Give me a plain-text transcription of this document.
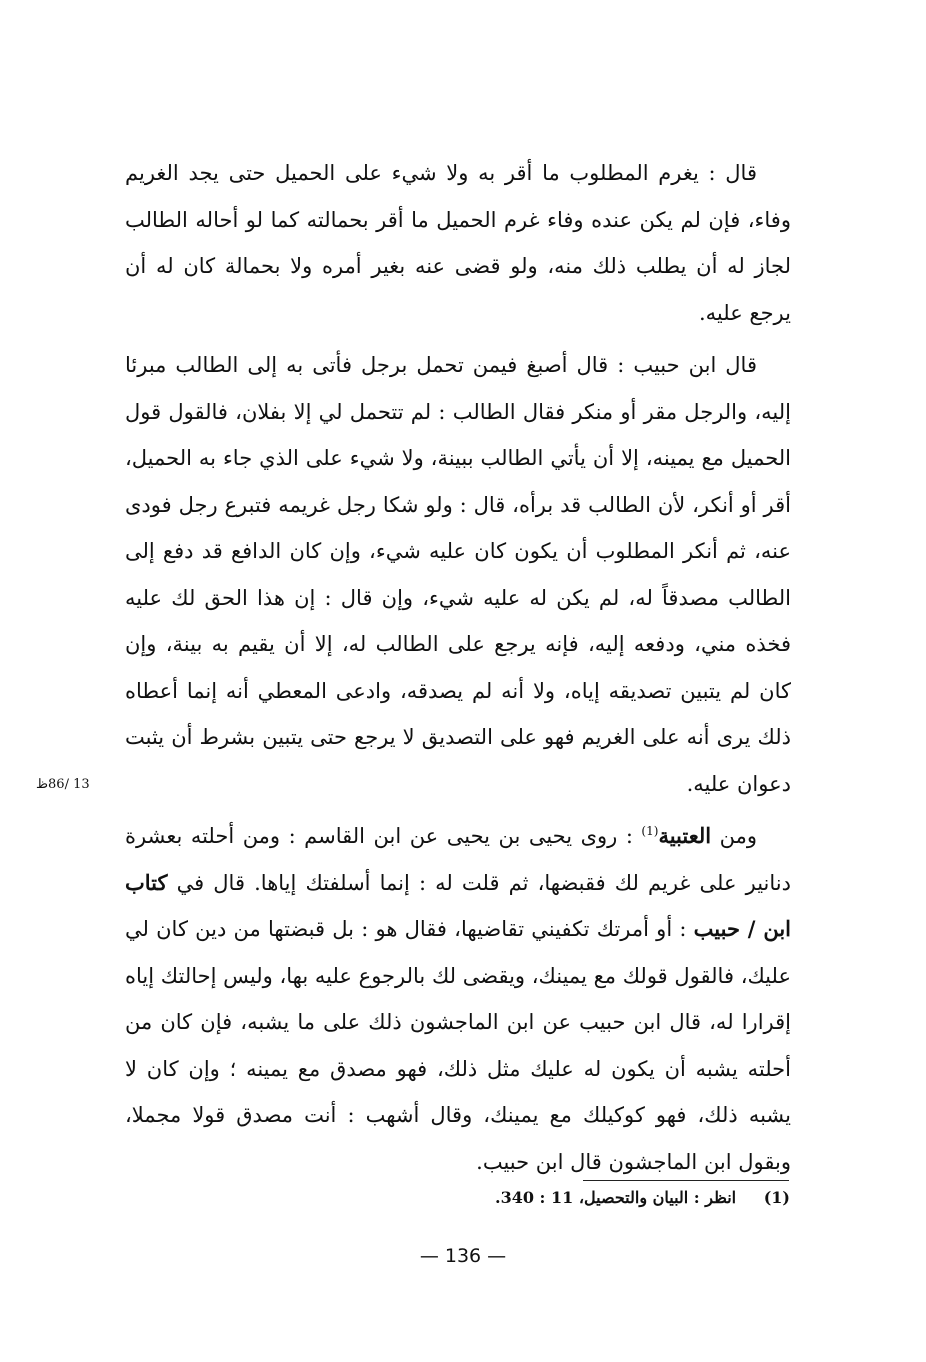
قال : يغرم المطلوب ما أقر به ولا شيء على الحميل حتى يجد الغريم وفاء، فإن لم يكن عنده وفاء غرم الحميل ما أقر بحمالته كما لو أحاله الطالب لجاز له أن يطلب ذلك منه، ولو قضى عنه بغير أمره ولا بحمالة كان له أن يرجع عليه.

قال ابن حبيب : قال أصبغ فيمن تحمل برجل فأتى به إلى الطالب مبرئا إليه، والرجل مقر أو منكر فقال الطالب : لم تتحمل لي إلا بفلان، فالقول قول الحميل مع يمينه، إلا أن يأتي الطالب ببينة، ولا شيء على الذي جاء به الحميل، أقر أو أنكر، لأن الطالب قد برأه، قال : ولو شكا رجل غريمه فتبرع رجل فودى عنه، ثم أنكر المطلوب أن يكون كان عليه شيء، وإن كان الدافع قد دفع إلى الطالب مصدقاً له، لم يكن له عليه شيء، وإن قال : إن هذا الحق لك عليه فخذه مني، ودفعه إليه، فإنه يرجع على الطالب له، إلا أن يقيم به بينة، وإن كان لم يتبين تصديقه إياه، ولا أنه لم يصدقه، وادعى المعطي أنه إنما أعطاه ذلك يرى أنه على الغريم فهو على التصديق لا يرجع حتى يتبين بشرط أن يثبت دعوان عليه.

ومن العتبية$^{(1)}$ : روى يحيى بن يحيى عن ابن القاسم : ومن أحلته بعشرة دنانير على غريم لك فقبضها، ثم قلت له : إنما أسلفتك إياها. قال في كتاب ابن / حبيب : أو أمرتك تكفيني تقاضيها، فقال هو : بل قبضتها من دين كان لي عليك، فالقول قولك مع يمينك، ويقضى لك بالرجوع عليه بها، وليس إحالتك إياه إقرارا له، قال ابن حبيب عن ابن الماجشون ذلك على ما يشبه، فإن كان من أحلته يشبه أن يكون له عليك مثل ذلك، فهو مصدق مع يمينه ؛ وإن كان لا يشبه ذلك، فهو كوكيلك مع يمينك، وقال أشهب : أنت مصدق قولا مجملا، وبقول ابن الماجشون قال ابن حبيب.

13 /86ظ
(1) انظر : البيان والتحصيل، 11 : 340.
— 136 —
